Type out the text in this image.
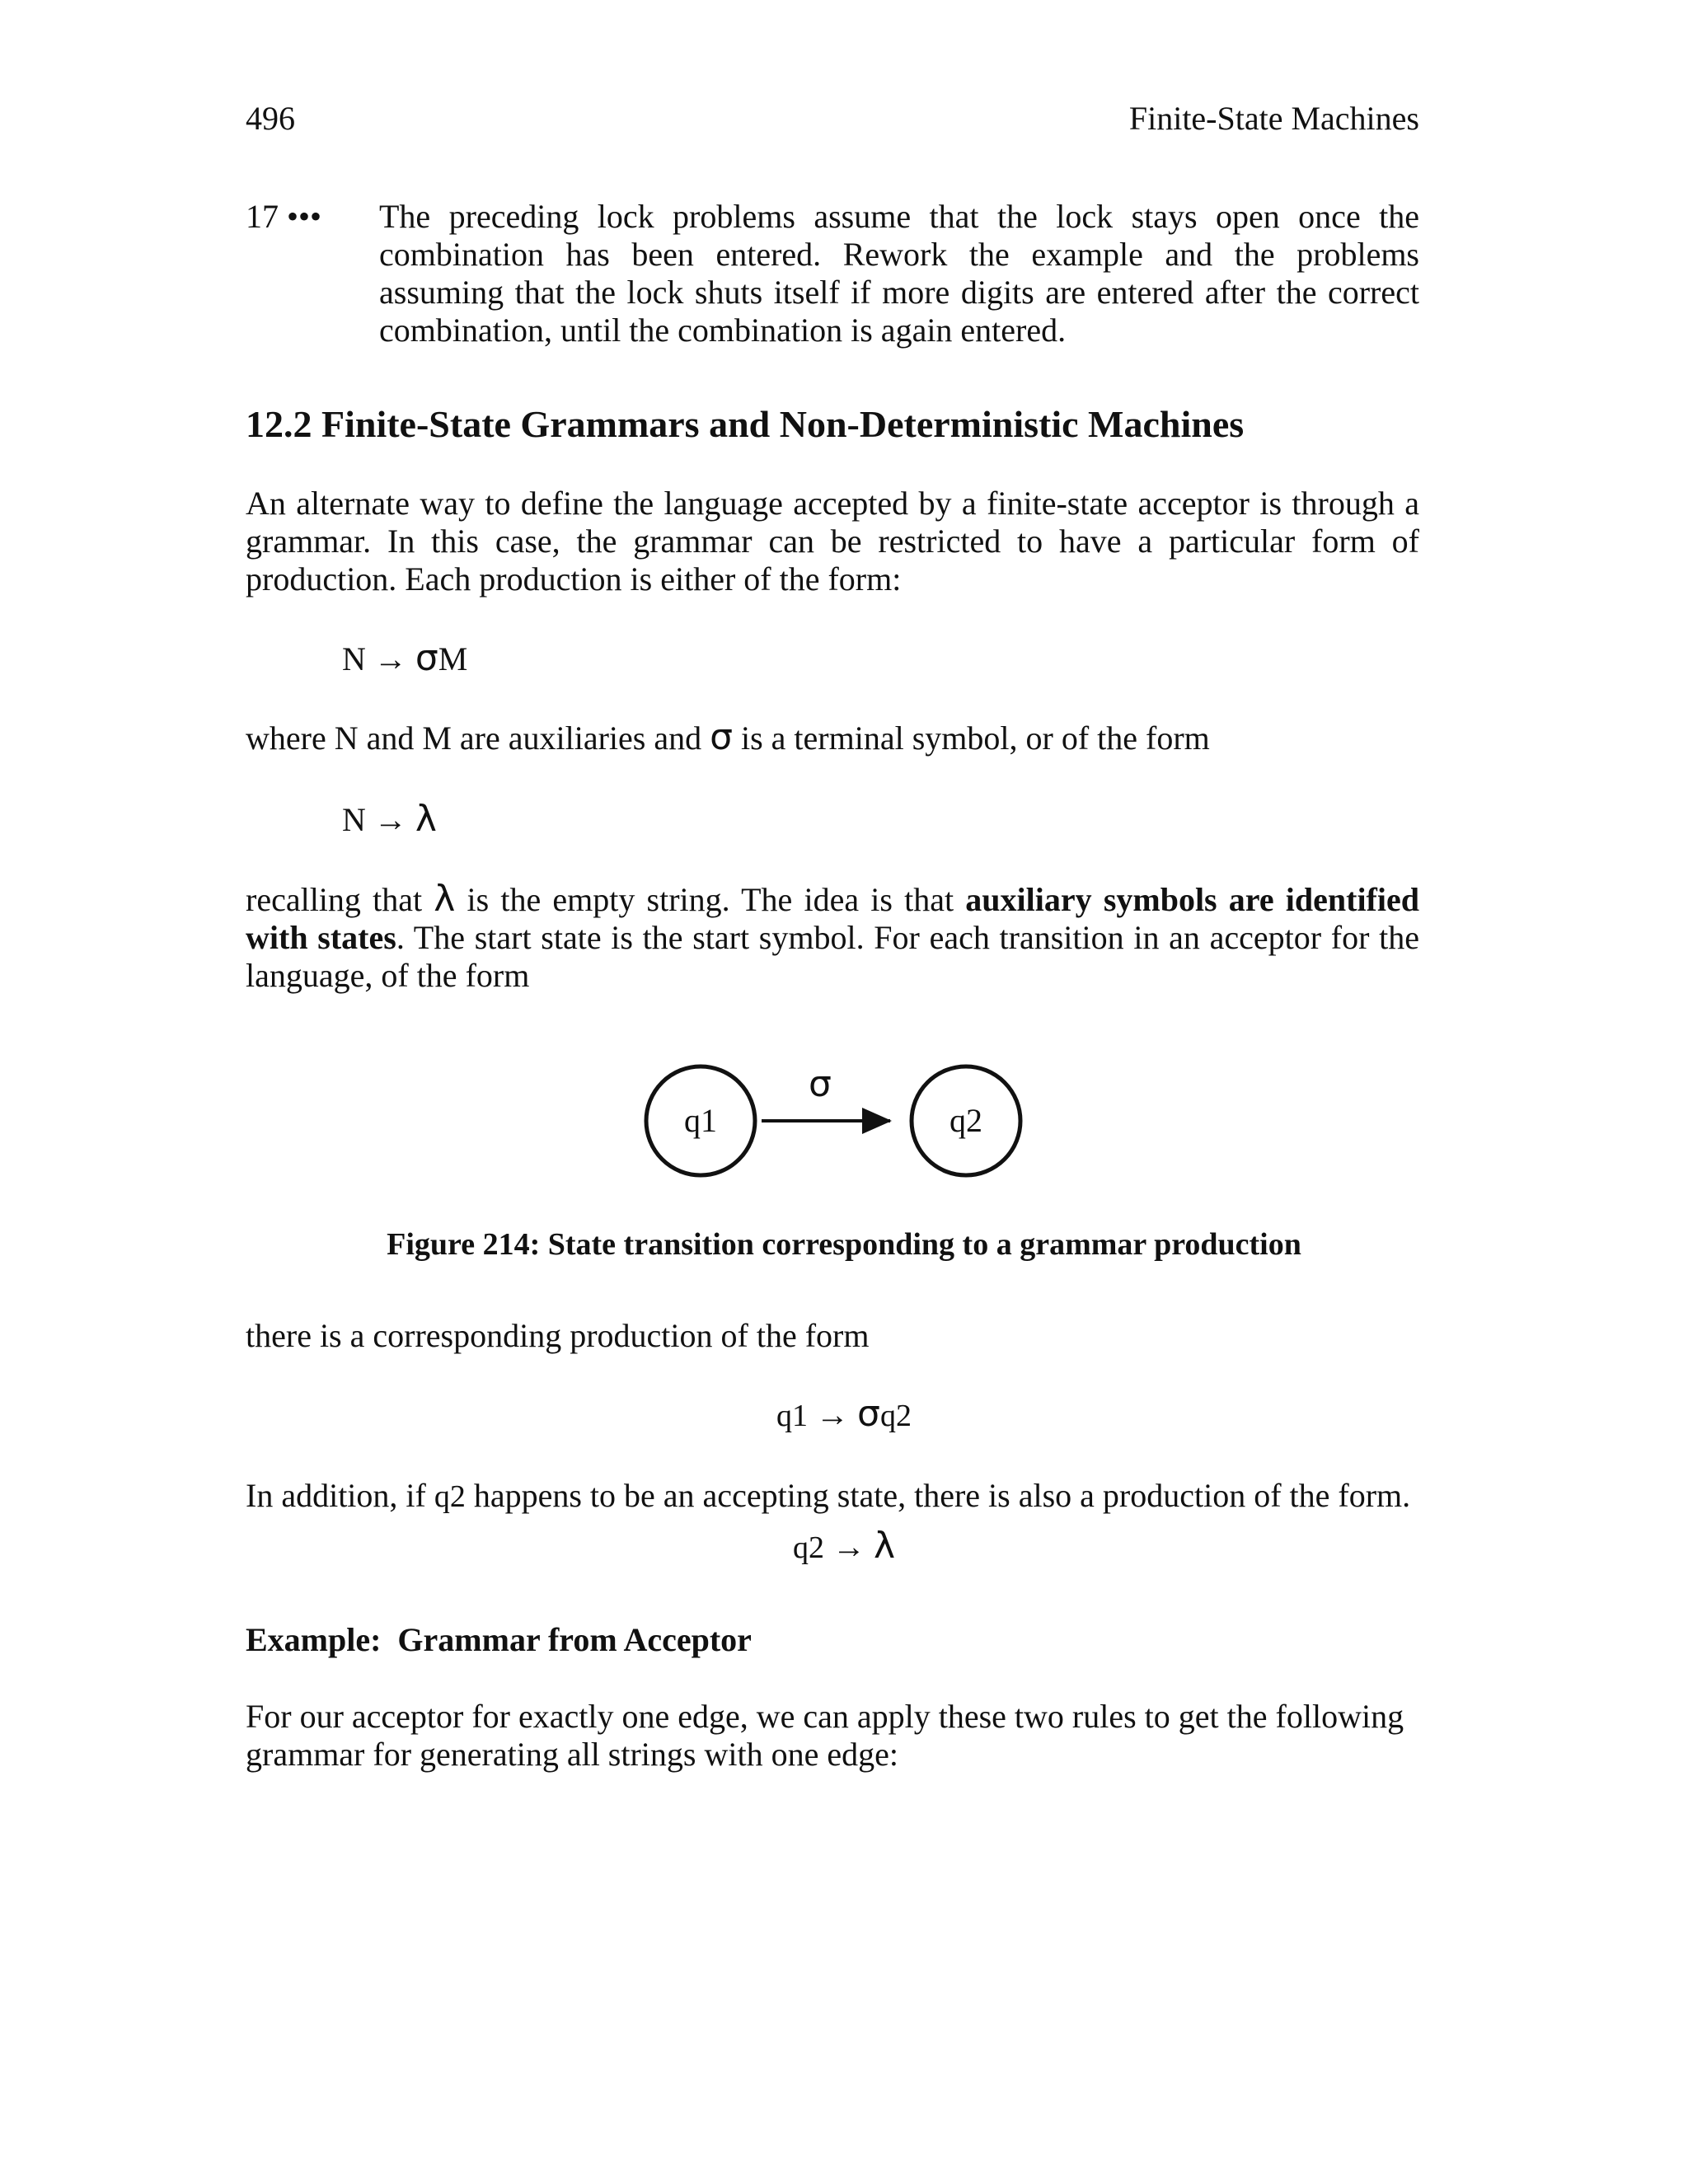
496	Finite-State Machines
17 •••	The preceding lock problems assume that the lock stays open once the combination has been entered. Rework the example and the problems assuming that the lock shuts itself if more digits are entered after the correct combination, until the combination is again entered.
12.2 Finite-State Grammars and Non-Deterministic Machines
An alternate way to define the language accepted by a finite-state acceptor is through a grammar. In this case, the grammar can be restricted to have a particular form of production. Each production is either of the form:
N → σM
where N and M are auxiliaries and σ is a terminal symbol, or of the form
N → λ
recalling that λ is the empty string. The idea is that auxiliary symbols are identified with states. The start state is the start symbol. For each transition in an acceptor for the language, of the form
q1
σ
q2
Figure 214: State transition corresponding to a grammar production
there is a corresponding production of the form
q1 → σq2
In addition, if q2 happens to be an accepting state, there is also a production of the form.
q2 → λ
Example:  Grammar from Acceptor
For our acceptor for exactly one edge, we can apply these two rules to get the following grammar for generating all strings with one edge:
